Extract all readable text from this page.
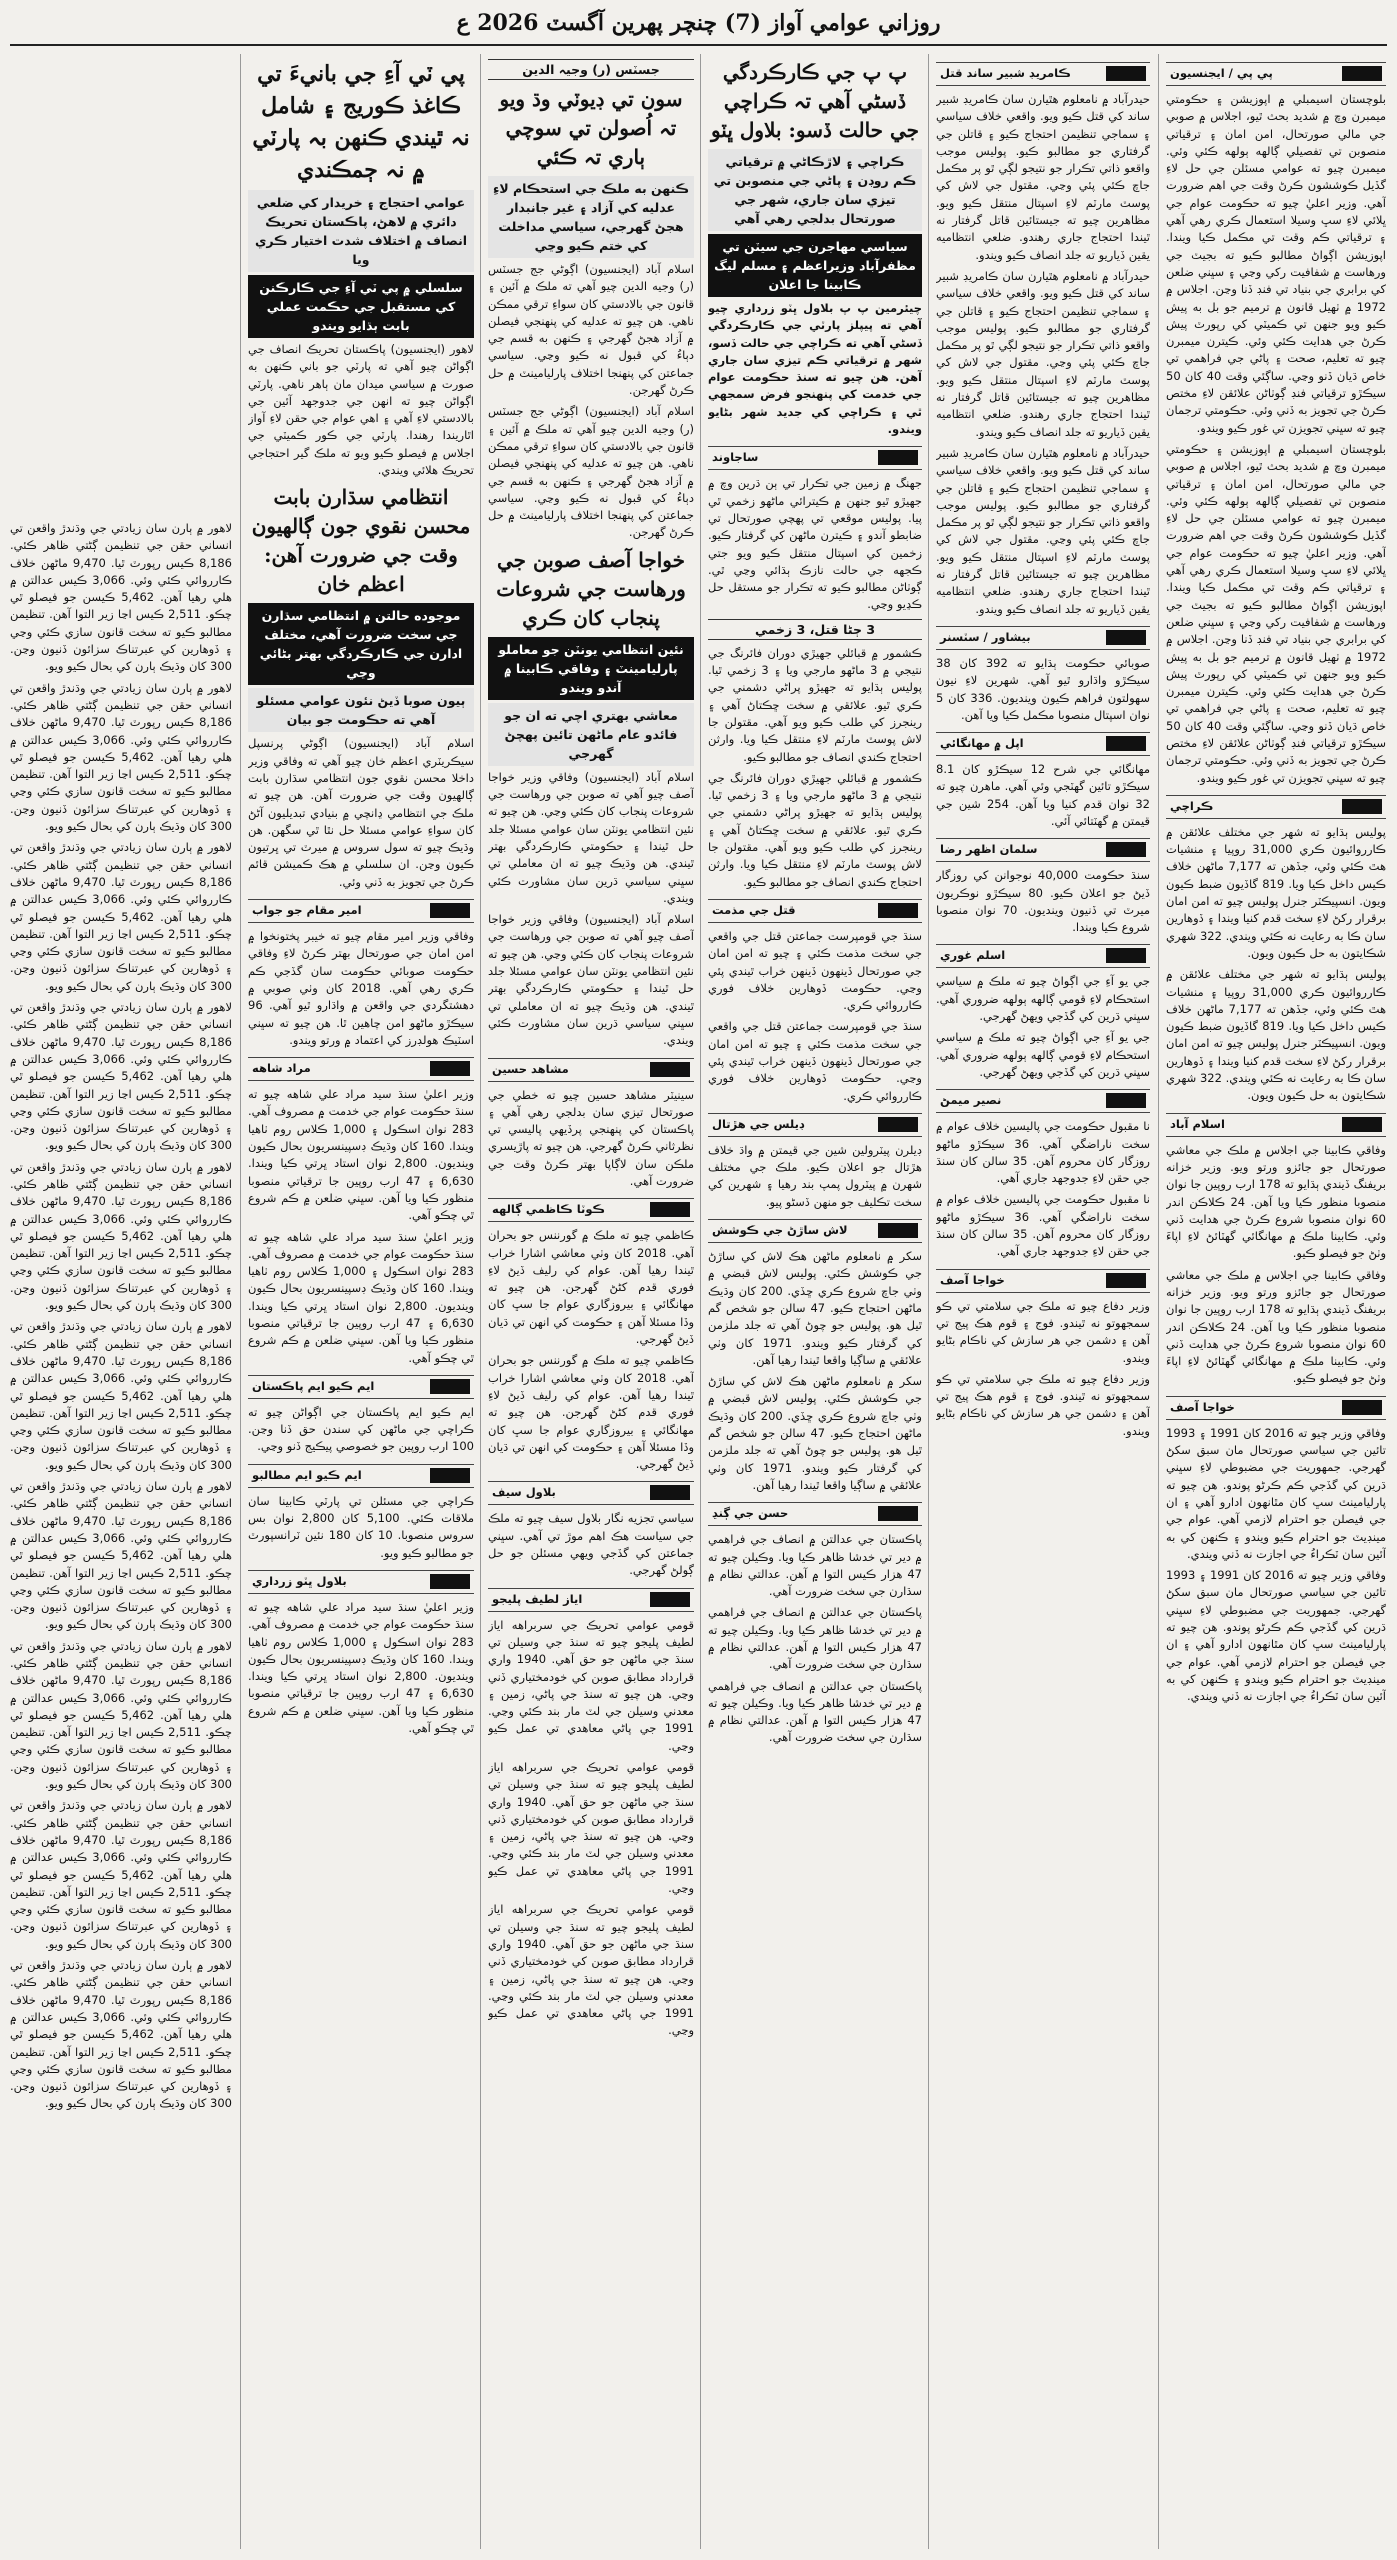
روزاني عوامي آواز (7) چنچر پهرين آگسٽ 2026 ع
پي پي / ايجنسيون

بلوچستان اسيمبلي ۾ اپوزيشن ۽ حڪومتي ميمبرن وچ ۾ شديد بحث ٿيو، اجلاس ۾ صوبي جي مالي صورتحال، امن امان ۽ ترقياتي منصوبن تي تفصيلي ڳالهه ٻولهه ڪئي وئي. ميمبرن چيو ته عوامي مسئلن جي حل لاءِ گڏيل ڪوششون ڪرڻ وقت جي اهم ضرورت آهي. وزير اعليٰ چيو ته حڪومت عوام جي ڀلائي لاءِ سڀ وسيلا استعمال ڪري رهي آهي ۽ ترقياتي ڪم وقت تي مڪمل ڪيا ويندا. اپوزيشن اڳواڻ مطالبو ڪيو ته بجيٽ جي ورهاست ۾ شفافيت رکي وڃي ۽ سڀني ضلعن کي برابري جي بنياد تي فنڊ ڏنا وڃن. اجلاس ۾ 1972 ۾ ٺهيل قانون ۾ ترميم جو بل به پيش ڪيو ويو جنهن تي ڪميٽي کي رپورٽ پيش ڪرڻ جي هدايت ڪئي وئي. ڪيترن ميمبرن چيو ته تعليم، صحت ۽ پاڻي جي فراهمي تي خاص ڌيان ڏنو وڃي. ساڳئي وقت 40 کان 50 سيڪڙو ترقياتي فنڊ ڳوٺاڻن علائقن لاءِ مختص ڪرڻ جي تجويز به ڏني وئي. حڪومتي ترجمان چيو ته سڀني تجويزن تي غور ڪيو ويندو.

بلوچستان اسيمبلي ۾ اپوزيشن ۽ حڪومتي ميمبرن وچ ۾ شديد بحث ٿيو، اجلاس ۾ صوبي جي مالي صورتحال، امن امان ۽ ترقياتي منصوبن تي تفصيلي ڳالهه ٻولهه ڪئي وئي. ميمبرن چيو ته عوامي مسئلن جي حل لاءِ گڏيل ڪوششون ڪرڻ وقت جي اهم ضرورت آهي. وزير اعليٰ چيو ته حڪومت عوام جي ڀلائي لاءِ سڀ وسيلا استعمال ڪري رهي آهي ۽ ترقياتي ڪم وقت تي مڪمل ڪيا ويندا. اپوزيشن اڳواڻ مطالبو ڪيو ته بجيٽ جي ورهاست ۾ شفافيت رکي وڃي ۽ سڀني ضلعن کي برابري جي بنياد تي فنڊ ڏنا وڃن. اجلاس ۾ 1972 ۾ ٺهيل قانون ۾ ترميم جو بل به پيش ڪيو ويو جنهن تي ڪميٽي کي رپورٽ پيش ڪرڻ جي هدايت ڪئي وئي. ڪيترن ميمبرن چيو ته تعليم، صحت ۽ پاڻي جي فراهمي تي خاص ڌيان ڏنو وڃي. ساڳئي وقت 40 کان 50 سيڪڙو ترقياتي فنڊ ڳوٺاڻن علائقن لاءِ مختص ڪرڻ جي تجويز به ڏني وئي. حڪومتي ترجمان چيو ته سڀني تجويزن تي غور ڪيو ويندو.

ڪراچي

پوليس ٻڌايو ته شهر جي مختلف علائقن ۾ ڪارروائيون ڪري 31,000 روپيا ۽ منشيات هٿ ڪئي وئي، جڏهن ته 7,177 ماڻهن خلاف ڪيس داخل ڪيا ويا. 819 گاڏيون ضبط ڪيون ويون. انسپيڪٽر جنرل پوليس چيو ته امن امان برقرار رکڻ لاءِ سخت قدم کنيا ويندا ۽ ڏوهارين سان ڪا به رعايت نه ڪئي ويندي. 322 شهري شڪايتون به حل ڪيون ويون.

پوليس ٻڌايو ته شهر جي مختلف علائقن ۾ ڪارروائيون ڪري 31,000 روپيا ۽ منشيات هٿ ڪئي وئي، جڏهن ته 7,177 ماڻهن خلاف ڪيس داخل ڪيا ويا. 819 گاڏيون ضبط ڪيون ويون. انسپيڪٽر جنرل پوليس چيو ته امن امان برقرار رکڻ لاءِ سخت قدم کنيا ويندا ۽ ڏوهارين سان ڪا به رعايت نه ڪئي ويندي. 322 شهري شڪايتون به حل ڪيون ويون.

اسلام آباد

وفاقي ڪابينا جي اجلاس ۾ ملڪ جي معاشي صورتحال جو جائزو ورتو ويو. وزير خزانه بريفنگ ڏيندي ٻڌايو ته 178 ارب روپين جا نوان منصوبا منظور ڪيا ويا آهن. 24 ڪلاڪن اندر 60 نوان منصوبا شروع ڪرڻ جي هدايت ڏني وئي. ڪابينا ملڪ ۾ مهانگائي گهٽائڻ لاءِ اپاءَ وٺڻ جو فيصلو ڪيو.

وفاقي ڪابينا جي اجلاس ۾ ملڪ جي معاشي صورتحال جو جائزو ورتو ويو. وزير خزانه بريفنگ ڏيندي ٻڌايو ته 178 ارب روپين جا نوان منصوبا منظور ڪيا ويا آهن. 24 ڪلاڪن اندر 60 نوان منصوبا شروع ڪرڻ جي هدايت ڏني وئي. ڪابينا ملڪ ۾ مهانگائي گهٽائڻ لاءِ اپاءَ وٺڻ جو فيصلو ڪيو.

خواجا آصف

وفاقي وزير چيو ته 2016 کان 1991 ۽ 1993 تائين جي سياسي صورتحال مان سبق سکڻ گهرجي. جمهوريت جي مضبوطي لاءِ سڀني ڌرين کي گڏجي ڪم ڪرڻو پوندو. هن چيو ته پارليامينٽ سڀ کان مٿانهون ادارو آهي ۽ ان جي فيصلن جو احترام لازمي آهي. عوام جي مينڊيٽ جو احترام ڪيو ويندو ۽ ڪنهن کي به آئين سان ٽڪراءُ جي اجازت نه ڏني ويندي.

وفاقي وزير چيو ته 2016 کان 1991 ۽ 1993 تائين جي سياسي صورتحال مان سبق سکڻ گهرجي. جمهوريت جي مضبوطي لاءِ سڀني ڌرين کي گڏجي ڪم ڪرڻو پوندو. هن چيو ته پارليامينٽ سڀ کان مٿانهون ادارو آهي ۽ ان جي فيصلن جو احترام لازمي آهي. عوام جي مينڊيٽ جو احترام ڪيو ويندو ۽ ڪنهن کي به آئين سان ٽڪراءُ جي اجازت نه ڏني ويندي.

ڪامريڊ شبير ساند قتل

حيدرآباد ۾ نامعلوم هٿيارن سان ڪامريڊ شبير ساند کي قتل ڪيو ويو. واقعي خلاف سياسي ۽ سماجي تنظيمن احتجاج ڪيو ۽ قاتلن جي گرفتاري جو مطالبو ڪيو. پوليس موجب واقعو ذاتي تڪرار جو نتيجو لڳي ٿو پر مڪمل جاچ ڪئي پئي وڃي. مقتول جي لاش کي پوسٽ مارٽم لاءِ اسپتال منتقل ڪيو ويو. مظاهرين چيو ته جيستائين قاتل گرفتار نه ٿيندا احتجاج جاري رهندو. ضلعي انتظاميه يقين ڏياريو ته جلد انصاف ڪيو ويندو.

حيدرآباد ۾ نامعلوم هٿيارن سان ڪامريڊ شبير ساند کي قتل ڪيو ويو. واقعي خلاف سياسي ۽ سماجي تنظيمن احتجاج ڪيو ۽ قاتلن جي گرفتاري جو مطالبو ڪيو. پوليس موجب واقعو ذاتي تڪرار جو نتيجو لڳي ٿو پر مڪمل جاچ ڪئي پئي وڃي. مقتول جي لاش کي پوسٽ مارٽم لاءِ اسپتال منتقل ڪيو ويو. مظاهرين چيو ته جيستائين قاتل گرفتار نه ٿيندا احتجاج جاري رهندو. ضلعي انتظاميه يقين ڏياريو ته جلد انصاف ڪيو ويندو.

حيدرآباد ۾ نامعلوم هٿيارن سان ڪامريڊ شبير ساند کي قتل ڪيو ويو. واقعي خلاف سياسي ۽ سماجي تنظيمن احتجاج ڪيو ۽ قاتلن جي گرفتاري جو مطالبو ڪيو. پوليس موجب واقعو ذاتي تڪرار جو نتيجو لڳي ٿو پر مڪمل جاچ ڪئي پئي وڃي. مقتول جي لاش کي پوسٽ مارٽم لاءِ اسپتال منتقل ڪيو ويو. مظاهرين چيو ته جيستائين قاتل گرفتار نه ٿيندا احتجاج جاري رهندو. ضلعي انتظاميه يقين ڏياريو ته جلد انصاف ڪيو ويندو.

بيشاور / سٽسنر

صوبائي حڪومت ٻڌايو ته 392 کان 38 سيڪڙو واڌارو ٿيو آهي. شهرين لاءِ نيون سهولتون فراهم ڪيون وينديون. 336 کان 5 نوان اسپتال منصوبا مڪمل ڪيا ويا آهن.

اپل ۾ مهانگائي

مهانگائي جي شرح 12 سيڪڙو کان 8.1 سيڪڙو تائين گهٽجي وئي آهي. ماهرن چيو ته 32 نوان قدم کنيا ويا آهن. 254 شين جي قيمتن ۾ گهٽتائي آئي.

سلمان اظهر رضا

سنڌ حڪومت 40,000 نوجوانن کي روزگار ڏيڻ جو اعلان ڪيو. 80 سيڪڙو نوڪريون ميرٽ تي ڏنيون وينديون. 70 نوان منصوبا شروع ڪيا ويندا.

اسلم غوري

جي يو آءِ جي اڳواڻ چيو ته ملڪ ۾ سياسي استحڪام لاءِ قومي ڳالهه ٻولهه ضروري آهي. سڀني ڌرين کي گڏجي ويهڻ گهرجي.

جي يو آءِ جي اڳواڻ چيو ته ملڪ ۾ سياسي استحڪام لاءِ قومي ڳالهه ٻولهه ضروري آهي. سڀني ڌرين کي گڏجي ويهڻ گهرجي.

نصير ميمڻ

نا مقبول حڪومت جي پاليسين خلاف عوام ۾ سخت ناراضگي آهي. 36 سيڪڙو ماڻهو روزگار کان محروم آهن. 35 سالن کان سنڌ جي حقن لاءِ جدوجهد جاري آهي.

نا مقبول حڪومت جي پاليسين خلاف عوام ۾ سخت ناراضگي آهي. 36 سيڪڙو ماڻهو روزگار کان محروم آهن. 35 سالن کان سنڌ جي حقن لاءِ جدوجهد جاري آهي.

خواجا آصف

وزير دفاع چيو ته ملڪ جي سلامتي تي ڪو سمجهوتو نه ٿيندو. فوج ۽ قوم هڪ پيج تي آهن ۽ دشمن جي هر سازش کي ناڪام بڻايو ويندو.

وزير دفاع چيو ته ملڪ جي سلامتي تي ڪو سمجهوتو نه ٿيندو. فوج ۽ قوم هڪ پيج تي آهن ۽ دشمن جي هر سازش کي ناڪام بڻايو ويندو.

پ پ جي ڪارڪردگي ڏسڻي آهي تہ ڪراچي جي حالت ڏسو: بلاول ڀٽو
ڪراچي ۽ لاڙڪاڻي ۾ ترقياتي ڪم روڊن ۽ پاڻي جي منصوبن تي تيزي سان جاري، شهر جي صورتحال بدلجي رهي آهي
سياسي مهاجرن جي سيٽن تي مظفرآباد وزيراعظم ۽ مسلم ليگ ڪابينا جا اعلان

چيئرمين پ پ بلاول ڀٽو زرداري چيو آهي ته پيپلز پارٽي جي ڪارڪردگي ڏسڻي آهي ته ڪراچي جي حالت ڏسو، شهر ۾ ترقياتي ڪم تيزي سان جاري آهن. هن چيو ته سنڌ حڪومت عوام جي خدمت کي پنهنجو فرض سمجهي ٿي ۽ ڪراچي کي جديد شهر بڻايو ويندو.

ساجاوند

جهنگ ۾ زمين جي تڪرار تي ٻن ڌرين وچ ۾ جهيڙو ٿيو جنهن ۾ ڪيترائي ماڻهو زخمي ٿي پيا. پوليس موقعي تي پهچي صورتحال تي ضابطو آندو ۽ ڪيترن ماڻهن کي گرفتار ڪيو. زخمين کي اسپتال منتقل ڪيو ويو جتي ڪجهه جي حالت نازڪ ٻڌائي وڃي ٿي. ڳوٺاڻن مطالبو ڪيو ته تڪرار جو مستقل حل ڪڍيو وڃي.

3 ڄڻا قتل، 3 زخمي

ڪشمور ۾ قبائلي جهيڙي دوران فائرنگ جي نتيجي ۾ 3 ماڻهو مارجي ويا ۽ 3 زخمي ٿيا. پوليس ٻڌايو ته جهيڙو پراڻي دشمني جي ڪري ٿيو. علائقي ۾ سخت ڇڪتاڻ آهي ۽ رينجرز کي طلب ڪيو ويو آهي. مقتولن جا لاش پوسٽ مارٽم لاءِ منتقل ڪيا ويا. وارثن احتجاج ڪندي انصاف جو مطالبو ڪيو.

ڪشمور ۾ قبائلي جهيڙي دوران فائرنگ جي نتيجي ۾ 3 ماڻهو مارجي ويا ۽ 3 زخمي ٿيا. پوليس ٻڌايو ته جهيڙو پراڻي دشمني جي ڪري ٿيو. علائقي ۾ سخت ڇڪتاڻ آهي ۽ رينجرز کي طلب ڪيو ويو آهي. مقتولن جا لاش پوسٽ مارٽم لاءِ منتقل ڪيا ويا. وارثن احتجاج ڪندي انصاف جو مطالبو ڪيو.

قتل جي مذمت

سنڌ جي قومپرست جماعتن قتل جي واقعي جي سخت مذمت ڪئي ۽ چيو ته امن امان جي صورتحال ڏينهون ڏينهن خراب ٿيندي پئي وڃي. حڪومت ڏوهارين خلاف فوري ڪارروائي ڪري.

سنڌ جي قومپرست جماعتن قتل جي واقعي جي سخت مذمت ڪئي ۽ چيو ته امن امان جي صورتحال ڏينهون ڏينهن خراب ٿيندي پئي وڃي. حڪومت ڏوهارين خلاف فوري ڪارروائي ڪري.

ڊيلس جي هڙتال

ڊيلرن پيٽرولين شين جي قيمتن ۾ واڌ خلاف هڙتال جو اعلان ڪيو. ملڪ جي مختلف شهرن ۾ پيٽرول پمپ بند رهيا ۽ شهرين کي سخت تڪليف جو منهن ڏسڻو پيو.

لاش ساڙڻ جي ڪوشش

سکر ۾ نامعلوم ماڻهن هڪ لاش کي ساڙڻ جي ڪوشش ڪئي. پوليس لاش قبضي ۾ وٺي جاچ شروع ڪري ڇڏي. 200 کان وڌيڪ ماڻهن احتجاج ڪيو. 47 سالن جو شخص گم ٿيل هو. پوليس جو چوڻ آهي ته جلد ملزمن کي گرفتار ڪيو ويندو. 1971 کان وٺي علائقي ۾ ساڳيا واقعا ٿيندا رهيا آهن.

سکر ۾ نامعلوم ماڻهن هڪ لاش کي ساڙڻ جي ڪوشش ڪئي. پوليس لاش قبضي ۾ وٺي جاچ شروع ڪري ڇڏي. 200 کان وڌيڪ ماڻهن احتجاج ڪيو. 47 سالن جو شخص گم ٿيل هو. پوليس جو چوڻ آهي ته جلد ملزمن کي گرفتار ڪيو ويندو. 1971 کان وٺي علائقي ۾ ساڳيا واقعا ٿيندا رهيا آهن.

حسن جي ڳنڍ

پاڪستان جي عدالتن ۾ انصاف جي فراهمي ۾ دير تي خدشا ظاهر ڪيا ويا. وڪيلن چيو ته 47 هزار ڪيس التوا ۾ آهن. عدالتي نظام ۾ سڌارن جي سخت ضرورت آهي.

پاڪستان جي عدالتن ۾ انصاف جي فراهمي ۾ دير تي خدشا ظاهر ڪيا ويا. وڪيلن چيو ته 47 هزار ڪيس التوا ۾ آهن. عدالتي نظام ۾ سڌارن جي سخت ضرورت آهي.

پاڪستان جي عدالتن ۾ انصاف جي فراهمي ۾ دير تي خدشا ظاهر ڪيا ويا. وڪيلن چيو ته 47 هزار ڪيس التوا ۾ آهن. عدالتي نظام ۾ سڌارن جي سخت ضرورت آهي.

جسٽس (ر) وجيہ الدين
سون تي ڊيوٽي وڌ ويو تہ اُصولن تي سوچي ٻاري تہ ڪئي
ڪنهن به ملڪ جي استحڪام لاءِ عدليه کي آزاد ۽ غير جانبدار هجڻ گهرجي، سياسي مداخلت کي ختم ڪيو وڃي

اسلام آباد (ايجنسيون) اڳوڻي جج جسٽس (ر) وجيه الدين چيو آهي ته ملڪ ۾ آئين ۽ قانون جي بالادستي کان سواءِ ترقي ممڪن ناهي. هن چيو ته عدليه کي پنهنجي فيصلن ۾ آزاد هجڻ گهرجي ۽ ڪنهن به قسم جي دٻاءُ کي قبول نه ڪيو وڃي. سياسي جماعتن کي پنهنجا اختلاف پارليامينٽ ۾ حل ڪرڻ گهرجن.

اسلام آباد (ايجنسيون) اڳوڻي جج جسٽس (ر) وجيه الدين چيو آهي ته ملڪ ۾ آئين ۽ قانون جي بالادستي کان سواءِ ترقي ممڪن ناهي. هن چيو ته عدليه کي پنهنجي فيصلن ۾ آزاد هجڻ گهرجي ۽ ڪنهن به قسم جي دٻاءُ کي قبول نه ڪيو وڃي. سياسي جماعتن کي پنهنجا اختلاف پارليامينٽ ۾ حل ڪرڻ گهرجن.

خواجا آصف صوبن جي ورهاست جي شروعات پنجاب کان ڪري
نئين انتظامي يونٽن جو معاملو پارليامينٽ ۽ وفاقي ڪابينا ۾ آندو ويندو
معاشي بهتري اچي ته ان جو فائدو عام ماڻهن تائين پهچڻ گهرجي

اسلام آباد (ايجنسيون) وفاقي وزير خواجا آصف چيو آهي ته صوبن جي ورهاست جي شروعات پنجاب کان ڪئي وڃي. هن چيو ته نئين انتظامي يونٽن سان عوامي مسئلا جلد حل ٿيندا ۽ حڪومتي ڪارڪردگي بهتر ٿيندي. هن وڌيڪ چيو ته ان معاملي تي سڀني سياسي ڌرين سان مشاورت ڪئي ويندي.

اسلام آباد (ايجنسيون) وفاقي وزير خواجا آصف چيو آهي ته صوبن جي ورهاست جي شروعات پنجاب کان ڪئي وڃي. هن چيو ته نئين انتظامي يونٽن سان عوامي مسئلا جلد حل ٿيندا ۽ حڪومتي ڪارڪردگي بهتر ٿيندي. هن وڌيڪ چيو ته ان معاملي تي سڀني سياسي ڌرين سان مشاورت ڪئي ويندي.

مشاهد حسين

سينيٽر مشاهد حسين چيو ته خطي جي صورتحال تيزي سان بدلجي رهي آهي ۽ پاڪستان کي پنهنجي پرڏيهي پاليسي تي نظرثاني ڪرڻ گهرجي. هن چيو ته پاڙيسري ملڪن سان لاڳاپا بهتر ڪرڻ وقت جي ضرورت آهي.

ڪوٽا ڪاظمي ڳالهه

ڪاظمي چيو ته ملڪ ۾ گورننس جو بحران آهي. 2018 کان وٺي معاشي اشارا خراب ٿيندا رهيا آهن. عوام کي رليف ڏيڻ لاءِ فوري قدم کڻڻ گهرجن. هن چيو ته مهانگائي ۽ بيروزگاري عوام جا سڀ کان وڏا مسئلا آهن ۽ حڪومت کي انهن تي ڌيان ڏيڻ گهرجي.

ڪاظمي چيو ته ملڪ ۾ گورننس جو بحران آهي. 2018 کان وٺي معاشي اشارا خراب ٿيندا رهيا آهن. عوام کي رليف ڏيڻ لاءِ فوري قدم کڻڻ گهرجن. هن چيو ته مهانگائي ۽ بيروزگاري عوام جا سڀ کان وڏا مسئلا آهن ۽ حڪومت کي انهن تي ڌيان ڏيڻ گهرجي.

بلاول سيف

سياسي تجزيه نگار بلاول سيف چيو ته ملڪ جي سياست هڪ اهم موڙ تي آهي. سڀني جماعتن کي گڏجي ويهي مسئلن جو حل ڳولڻ گهرجي.

اياز لطيف پليجو

قومي عوامي تحريڪ جي سربراهه اياز لطيف پليجو چيو ته سنڌ جي وسيلن تي سنڌ جي ماڻهن جو حق آهي. 1940 واري قرارداد مطابق صوبن کي خودمختياري ڏني وڃي. هن چيو ته سنڌ جي پاڻي، زمين ۽ معدني وسيلن جي لٽ مار بند ڪئي وڃي. 1991 جي پاڻي معاهدي تي عمل ڪيو وڃي.

قومي عوامي تحريڪ جي سربراهه اياز لطيف پليجو چيو ته سنڌ جي وسيلن تي سنڌ جي ماڻهن جو حق آهي. 1940 واري قرارداد مطابق صوبن کي خودمختياري ڏني وڃي. هن چيو ته سنڌ جي پاڻي، زمين ۽ معدني وسيلن جي لٽ مار بند ڪئي وڃي. 1991 جي پاڻي معاهدي تي عمل ڪيو وڃي.

قومي عوامي تحريڪ جي سربراهه اياز لطيف پليجو چيو ته سنڌ جي وسيلن تي سنڌ جي ماڻهن جو حق آهي. 1940 واري قرارداد مطابق صوبن کي خودمختياري ڏني وڃي. هن چيو ته سنڌ جي پاڻي، زمين ۽ معدني وسيلن جي لٽ مار بند ڪئي وڃي. 1991 جي پاڻي معاهدي تي عمل ڪيو وڃي.

پي ٽي آءِ جي بانيءَ تي ڪاغذ ڪوريج ۽ شامل نہ ٿيندي ڪنهن بہ پارٽي ۾ نہ ڄمڪندي
عوامي احتجاج ۽ خريدار کي ضلعي دائري ۾ لاهڻ، پاڪستان تحريڪ انصاف ۾ اختلاف شدت اختيار ڪري ويا
سلسلي ۾ پي ٽي آءِ جي ڪارڪنن کي مستقبل جي حڪمت عملي بابت ٻڌايو ويندو

لاهور (ايجنسيون) پاڪستان تحريڪ انصاف جي اڳواڻن چيو آهي ته پارٽي جو باني ڪنهن به صورت ۾ سياسي ميدان مان ٻاهر ناهي. پارٽي اڳواڻن چيو ته انهن جي جدوجهد آئين جي بالادستي لاءِ آهي ۽ اهي عوام جي حقن لاءِ آواز اٿاريندا رهندا. پارٽي جي ڪور ڪميٽي جي اجلاس ۾ فيصلو ڪيو ويو ته ملڪ گير احتجاجي تحريڪ هلائي ويندي.

انتظامي سڌارن بابت محسن نقوي جون ڳالهيون وقت جي ضرورت آهن: اعظم خان
موجوده حالتن ۾ انتظامي سڌارن جي سخت ضرورت آهي، مختلف ادارن جي ڪارڪردگي بهتر بڻائي وڃي
ٻيون صوبا ڏيڻ نئون عوامي مسئلو آهي ته حڪومت جو بيان

اسلام آباد (ايجنسيون) اڳوڻي پرنسپل سيڪريٽري اعظم خان چيو آهي ته وفاقي وزير داخلا محسن نقوي جون انتظامي سڌارن بابت ڳالهيون وقت جي ضرورت آهن. هن چيو ته ملڪ جي انتظامي ڍانچي ۾ بنيادي تبديليون آڻڻ کان سواءِ عوامي مسئلا حل نٿا ٿي سگهن. هن وڌيڪ چيو ته سول سروس ۾ ميرٽ تي ڀرتيون ڪيون وڃن. ان سلسلي ۾ هڪ ڪميشن قائم ڪرڻ جي تجويز به ڏني وئي.

امير مقام جو جواب

وفاقي وزير امير مقام چيو ته خيبر پختونخوا ۾ امن امان جي صورتحال بهتر ڪرڻ لاءِ وفاقي حڪومت صوبائي حڪومت سان گڏجي ڪم ڪري رهي آهي. 2018 کان وٺي صوبي ۾ دهشتگردي جي واقعن ۾ واڌارو ٿيو آهي. 96 سيڪڙو ماڻهو امن چاهين ٿا. هن چيو ته سڀني اسٽيڪ هولڊرز کي اعتماد ۾ ورتو ويندو.

مراد شاهه

وزير اعليٰ سنڌ سيد مراد علي شاهه چيو ته سنڌ حڪومت عوام جي خدمت ۾ مصروف آهي. 283 نوان اسڪول ۽ 1,000 ڪلاس روم ٺاهيا ويندا. 160 کان وڌيڪ ڊسپينسريون بحال ڪيون وينديون. 2,800 نوان استاد ڀرتي ڪيا ويندا. 6,630 ۽ 47 ارب روپين جا ترقياتي منصوبا منظور ڪيا ويا آهن. سڀني ضلعن ۾ ڪم شروع ٿي چڪو آهي.

وزير اعليٰ سنڌ سيد مراد علي شاهه چيو ته سنڌ حڪومت عوام جي خدمت ۾ مصروف آهي. 283 نوان اسڪول ۽ 1,000 ڪلاس روم ٺاهيا ويندا. 160 کان وڌيڪ ڊسپينسريون بحال ڪيون وينديون. 2,800 نوان استاد ڀرتي ڪيا ويندا. 6,630 ۽ 47 ارب روپين جا ترقياتي منصوبا منظور ڪيا ويا آهن. سڀني ضلعن ۾ ڪم شروع ٿي چڪو آهي.

ايم ڪيو ايم پاڪستان

ايم ڪيو ايم پاڪستان جي اڳواڻن چيو ته ڪراچي جي ماڻهن کي سندن حق ڏنا وڃن. 100 ارب روپين جو خصوصي پيڪيج ڏنو وڃي.

ايم ڪيو ايم مطالبو

ڪراچي جي مسئلن تي پارٽي ڪابينا سان ملاقات ڪئي. 5,100 کان 2,800 نوان بس سروس منصوبا. 10 کان 180 نئين ٽرانسپورٽ جو مطالبو ڪيو ويو.

بلاول ڀٽو زرداري

وزير اعليٰ سنڌ سيد مراد علي شاهه چيو ته سنڌ حڪومت عوام جي خدمت ۾ مصروف آهي. 283 نوان اسڪول ۽ 1,000 ڪلاس روم ٺاهيا ويندا. 160 کان وڌيڪ ڊسپينسريون بحال ڪيون وينديون. 2,800 نوان استاد ڀرتي ڪيا ويندا. 6,630 ۽ 47 ارب روپين جا ترقياتي منصوبا منظور ڪيا ويا آهن. سڀني ضلعن ۾ ڪم شروع ٿي چڪو آهي.

لاهور ۾ ٻارن سان زيادتي جي وڌندڙ واقعن تي انساني حقن جي تنظيمن ڳڻتي ظاهر ڪئي. 8,186 ڪيس رپورٽ ٿيا. 9,470 ماڻهن خلاف ڪارروائي ڪئي وئي. 3,066 ڪيس عدالتن ۾ هلي رهيا آهن. 5,462 ڪيسن جو فيصلو ٿي چڪو. 2,511 ڪيس اڃا زير التوا آهن. تنظيمن مطالبو ڪيو ته سخت قانون سازي ڪئي وڃي ۽ ڏوهارين کي عبرتناڪ سزائون ڏنيون وڃن. 300 کان وڌيڪ ٻارن کي بحال ڪيو ويو.

لاهور ۾ ٻارن سان زيادتي جي وڌندڙ واقعن تي انساني حقن جي تنظيمن ڳڻتي ظاهر ڪئي. 8,186 ڪيس رپورٽ ٿيا. 9,470 ماڻهن خلاف ڪارروائي ڪئي وئي. 3,066 ڪيس عدالتن ۾ هلي رهيا آهن. 5,462 ڪيسن جو فيصلو ٿي چڪو. 2,511 ڪيس اڃا زير التوا آهن. تنظيمن مطالبو ڪيو ته سخت قانون سازي ڪئي وڃي ۽ ڏوهارين کي عبرتناڪ سزائون ڏنيون وڃن. 300 کان وڌيڪ ٻارن کي بحال ڪيو ويو.

لاهور ۾ ٻارن سان زيادتي جي وڌندڙ واقعن تي انساني حقن جي تنظيمن ڳڻتي ظاهر ڪئي. 8,186 ڪيس رپورٽ ٿيا. 9,470 ماڻهن خلاف ڪارروائي ڪئي وئي. 3,066 ڪيس عدالتن ۾ هلي رهيا آهن. 5,462 ڪيسن جو فيصلو ٿي چڪو. 2,511 ڪيس اڃا زير التوا آهن. تنظيمن مطالبو ڪيو ته سخت قانون سازي ڪئي وڃي ۽ ڏوهارين کي عبرتناڪ سزائون ڏنيون وڃن. 300 کان وڌيڪ ٻارن کي بحال ڪيو ويو.

لاهور ۾ ٻارن سان زيادتي جي وڌندڙ واقعن تي انساني حقن جي تنظيمن ڳڻتي ظاهر ڪئي. 8,186 ڪيس رپورٽ ٿيا. 9,470 ماڻهن خلاف ڪارروائي ڪئي وئي. 3,066 ڪيس عدالتن ۾ هلي رهيا آهن. 5,462 ڪيسن جو فيصلو ٿي چڪو. 2,511 ڪيس اڃا زير التوا آهن. تنظيمن مطالبو ڪيو ته سخت قانون سازي ڪئي وڃي ۽ ڏوهارين کي عبرتناڪ سزائون ڏنيون وڃن. 300 کان وڌيڪ ٻارن کي بحال ڪيو ويو.

لاهور ۾ ٻارن سان زيادتي جي وڌندڙ واقعن تي انساني حقن جي تنظيمن ڳڻتي ظاهر ڪئي. 8,186 ڪيس رپورٽ ٿيا. 9,470 ماڻهن خلاف ڪارروائي ڪئي وئي. 3,066 ڪيس عدالتن ۾ هلي رهيا آهن. 5,462 ڪيسن جو فيصلو ٿي چڪو. 2,511 ڪيس اڃا زير التوا آهن. تنظيمن مطالبو ڪيو ته سخت قانون سازي ڪئي وڃي ۽ ڏوهارين کي عبرتناڪ سزائون ڏنيون وڃن. 300 کان وڌيڪ ٻارن کي بحال ڪيو ويو.

لاهور ۾ ٻارن سان زيادتي جي وڌندڙ واقعن تي انساني حقن جي تنظيمن ڳڻتي ظاهر ڪئي. 8,186 ڪيس رپورٽ ٿيا. 9,470 ماڻهن خلاف ڪارروائي ڪئي وئي. 3,066 ڪيس عدالتن ۾ هلي رهيا آهن. 5,462 ڪيسن جو فيصلو ٿي چڪو. 2,511 ڪيس اڃا زير التوا آهن. تنظيمن مطالبو ڪيو ته سخت قانون سازي ڪئي وڃي ۽ ڏوهارين کي عبرتناڪ سزائون ڏنيون وڃن. 300 کان وڌيڪ ٻارن کي بحال ڪيو ويو.

لاهور ۾ ٻارن سان زيادتي جي وڌندڙ واقعن تي انساني حقن جي تنظيمن ڳڻتي ظاهر ڪئي. 8,186 ڪيس رپورٽ ٿيا. 9,470 ماڻهن خلاف ڪارروائي ڪئي وئي. 3,066 ڪيس عدالتن ۾ هلي رهيا آهن. 5,462 ڪيسن جو فيصلو ٿي چڪو. 2,511 ڪيس اڃا زير التوا آهن. تنظيمن مطالبو ڪيو ته سخت قانون سازي ڪئي وڃي ۽ ڏوهارين کي عبرتناڪ سزائون ڏنيون وڃن. 300 کان وڌيڪ ٻارن کي بحال ڪيو ويو.

لاهور ۾ ٻارن سان زيادتي جي وڌندڙ واقعن تي انساني حقن جي تنظيمن ڳڻتي ظاهر ڪئي. 8,186 ڪيس رپورٽ ٿيا. 9,470 ماڻهن خلاف ڪارروائي ڪئي وئي. 3,066 ڪيس عدالتن ۾ هلي رهيا آهن. 5,462 ڪيسن جو فيصلو ٿي چڪو. 2,511 ڪيس اڃا زير التوا آهن. تنظيمن مطالبو ڪيو ته سخت قانون سازي ڪئي وڃي ۽ ڏوهارين کي عبرتناڪ سزائون ڏنيون وڃن. 300 کان وڌيڪ ٻارن کي بحال ڪيو ويو.

لاهور ۾ ٻارن سان زيادتي جي وڌندڙ واقعن تي انساني حقن جي تنظيمن ڳڻتي ظاهر ڪئي. 8,186 ڪيس رپورٽ ٿيا. 9,470 ماڻهن خلاف ڪارروائي ڪئي وئي. 3,066 ڪيس عدالتن ۾ هلي رهيا آهن. 5,462 ڪيسن جو فيصلو ٿي چڪو. 2,511 ڪيس اڃا زير التوا آهن. تنظيمن مطالبو ڪيو ته سخت قانون سازي ڪئي وڃي ۽ ڏوهارين کي عبرتناڪ سزائون ڏنيون وڃن. 300 کان وڌيڪ ٻارن کي بحال ڪيو ويو.

لاهور ۾ ٻارن سان زيادتي جي وڌندڙ واقعن تي انساني حقن جي تنظيمن ڳڻتي ظاهر ڪئي. 8,186 ڪيس رپورٽ ٿيا. 9,470 ماڻهن خلاف ڪارروائي ڪئي وئي. 3,066 ڪيس عدالتن ۾ هلي رهيا آهن. 5,462 ڪيسن جو فيصلو ٿي چڪو. 2,511 ڪيس اڃا زير التوا آهن. تنظيمن مطالبو ڪيو ته سخت قانون سازي ڪئي وڃي ۽ ڏوهارين کي عبرتناڪ سزائون ڏنيون وڃن. 300 کان وڌيڪ ٻارن کي بحال ڪيو ويو.
